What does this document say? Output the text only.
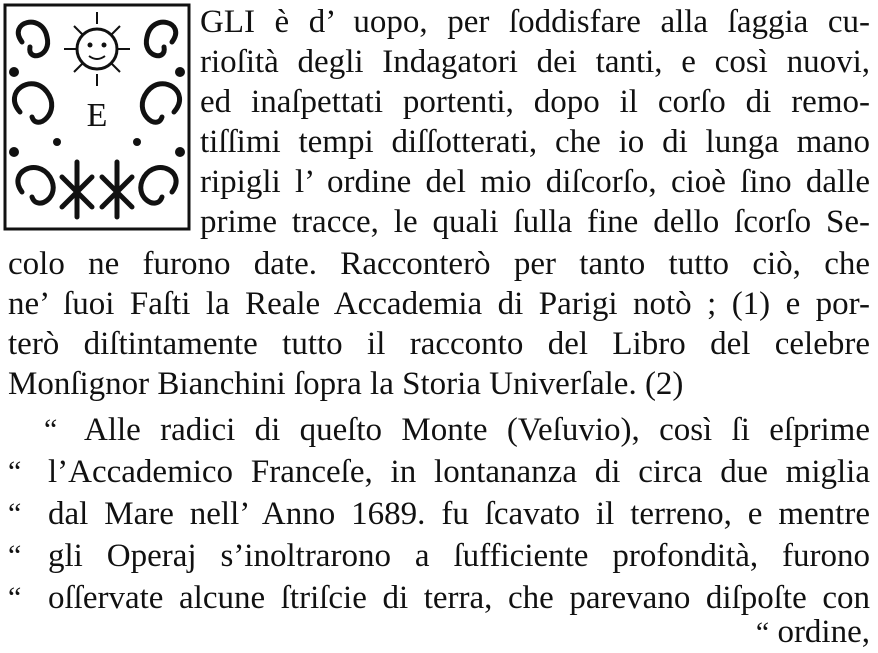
E
GLI è d’ uopo, per ſoddisfare alla ſaggia cu-
rioſità degli Indagatori dei tanti, e così nuovi,
ed inaſpettati portenti, dopo il corſo di remo-
tiſſimi tempi diſſotterati, che io di lunga mano
ripigli l’ ordine del mio diſcorſo, cioè ſino dalle
prime tracce, le quali ſulla fine dello ſcorſo Se-
colo ne furono date. Racconterò per tanto tutto ciò, che
ne’ ſuoi Faſti la Reale Accademia di Parigi notò ; (1) e por-
terò diſtintamente tutto il racconto del Libro del celebre
Monſignor Bianchini ſopra la Storia Univerſale. (2)
“ Alle radici di queſto Monte (Veſuvio), così ſi eſprime
“ l’Accademico Franceſe, in lontananza di circa due miglia
“ dal Mare nell’ Anno 1689. fu ſcavato il terreno, e mentre
“ gli Operaj s’inoltrarono a ſufficiente profondità, furono
“ oſſervate alcune ſtriſcie di terra, che parevano diſpoſte con
“ ordine,
